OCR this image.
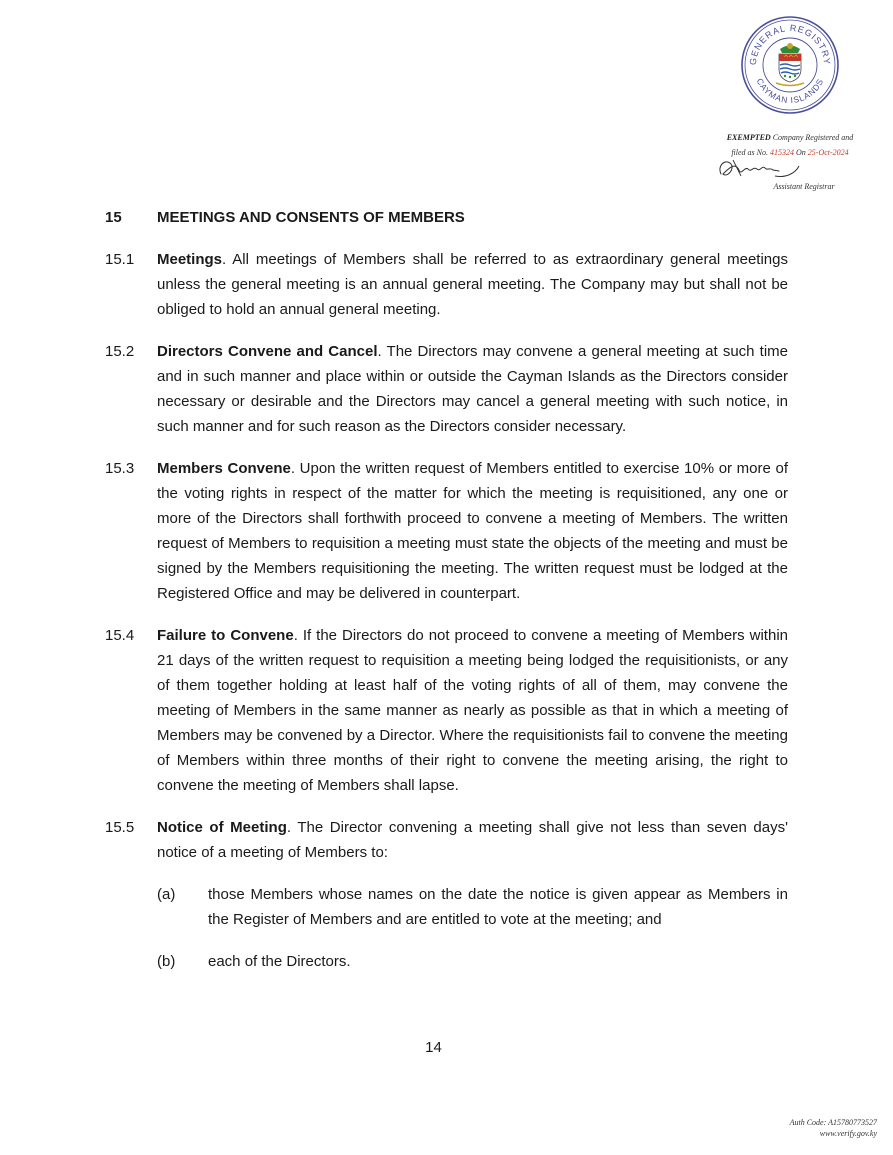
GENERAL REGISTRY
CAYMAN ISLANDS
EXEMPTED Company Registered and
filed as No. 415324 On 25-Oct-2024
Assistant Registrar
15	MEETINGS AND CONSENTS OF MEMBERS
15.1	Meetings. All meetings of Members shall be referred to as extraordinary general meetings unless the general meeting is an annual general meeting. The Company may but shall not be obliged to hold an annual general meeting.
15.2	Directors Convene and Cancel. The Directors may convene a general meeting at such time and in such manner and place within or outside the Cayman Islands as the Directors consider necessary or desirable and the Directors may cancel a general meeting with such notice, in such manner and for such reason as the Directors consider necessary.
15.3	Members Convene. Upon the written request of Members entitled to exercise 10% or more of the voting rights in respect of the matter for which the meeting is requisitioned, any one or more of the Directors shall forthwith proceed to convene a meeting of Members. The written request of Members to requisition a meeting must state the objects of the meeting and must be signed by the Members requisitioning the meeting. The written request must be lodged at the Registered Office and may be delivered in counterpart.
15.4	Failure to Convene. If the Directors do not proceed to convene a meeting of Members within 21 days of the written request to requisition a meeting being lodged the requisitionists, or any of them together holding at least half of the voting rights of all of them, may convene the meeting of Members in the same manner as nearly as possible as that in which a meeting of Members may be convened by a Director. Where the requisitionists fail to convene the meeting of Members within three months of their right to convene the meeting arising, the right to convene the meeting of Members shall lapse.
15.5	Notice of Meeting. The Director convening a meeting shall give not less than seven days' notice of a meeting of Members to:
(a)	those Members whose names on the date the notice is given appear as Members in the Register of Members and are entitled to vote at the meeting; and
(b)	each of the Directors.
14
Auth Code: A15780773527
www.verify.gov.ky
